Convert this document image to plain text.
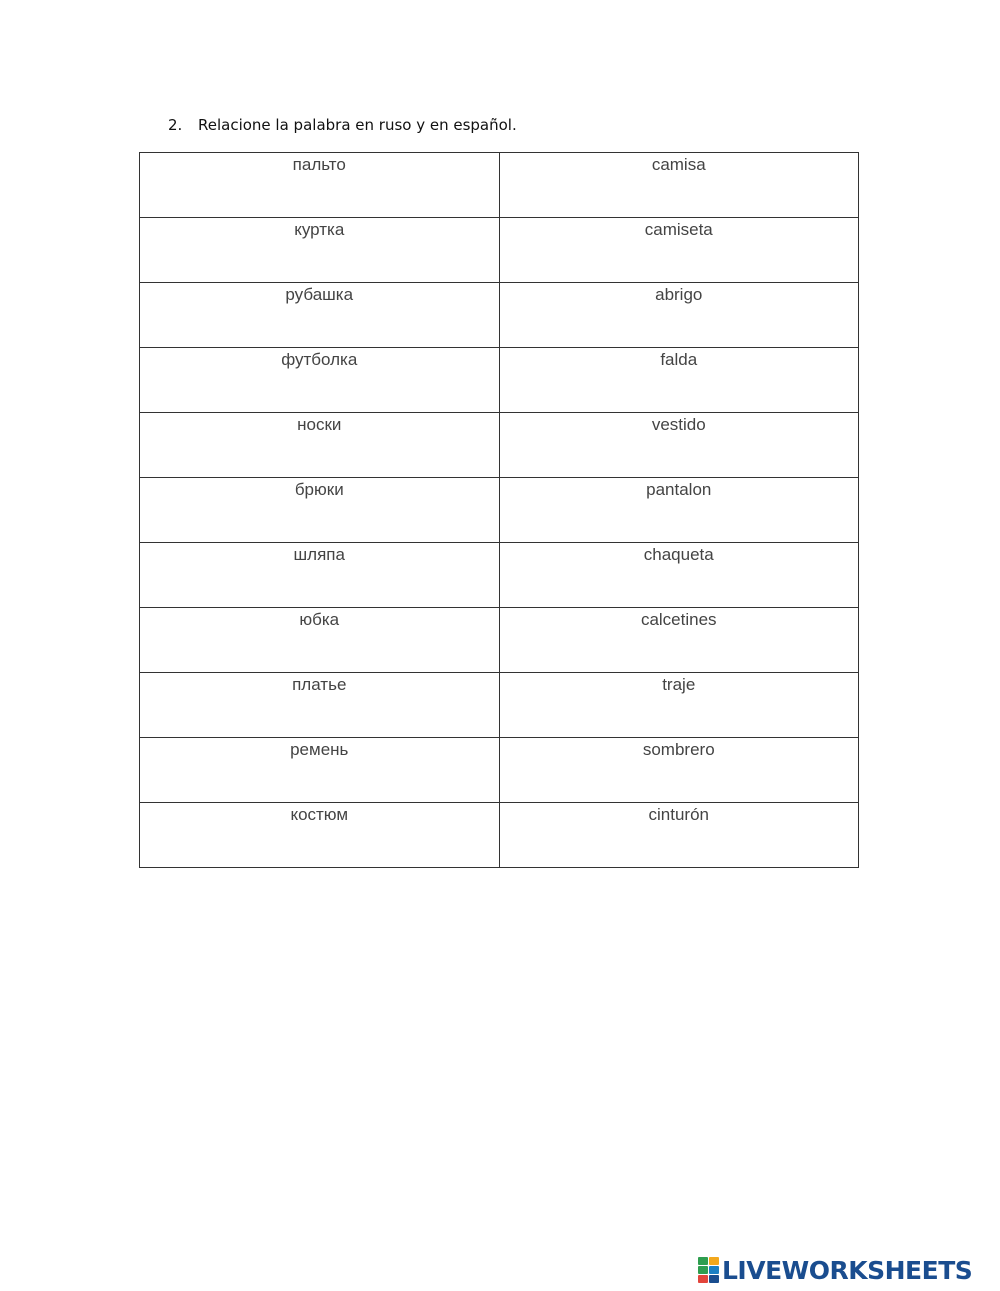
2. Relacione la palabra en ruso y en español.
пальто	camisa

куртка	camiseta

рубашка	abrigo

футболка	falda

носки	vestido

брюки	pantalon

шляпа	chaqueta

юбка	calcetines

платье	traje

ремень	sombrero

костюм	cinturón
LIVEWORKSHEETS
